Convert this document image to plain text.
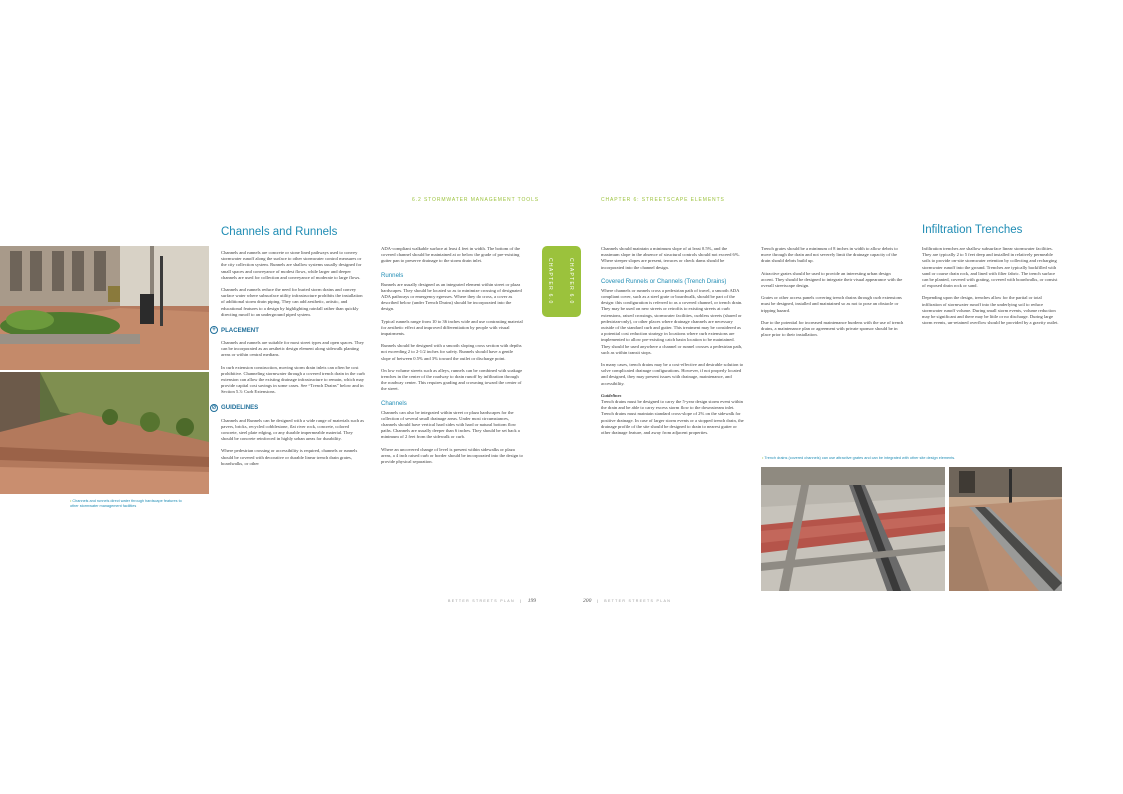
6.2 STORMWATER MANAGEMENT TOOLS	CHAPTER 6: STREETSCAPE ELEMENTS
Channels and Runnels
• Channels and runnels direct water through hardscape features to other stormwater management facilities

Channels and runnels are concrete or stone lined pathways used to convey stormwater runoff along the surface to other stormwater control measures or the city collection system. Runnels are shallow systems usually designed for small spaces and conveyance of modest flows, while larger and deeper channels are used for collection and conveyance of moderate to large flows.

Channels and runnels reduce the need for buried storm drains and convey surface water where subsurface utility infrastructure prohibits the installation of additional storm drain piping. They can add aesthetic, artistic, and educational features to a design by highlighting rainfall rather than quickly directing runoff to an underground piped system.

+ PLACEMENT

Channels and runnels are suitable for most street types and open spaces. They can be incorporated as an aesthetic design element along sidewalk planting areas or within central medians.

In curb extension construction, moving storm drain inlets can often be cost prohibitive. Channeling stormwater through a covered trench drain in the curb extension can allow the existing drainage infrastructure to remain, which may provide capital cost savings in some cases. See “Trench Drains” below and in Section 5.3: Curb Extensions.

⊘ GUIDELINES

Channels and Runnels can be designed with a wide range of materials such as pavers, bricks, recycled cobblestone, flat river rock, concrete, colored concrete, steel plate edging, or any durable impermeable material. They should be concrete reinforced in highly urban areas for durability.

Where pedestrian crossing or accessibility is required, channels or runnels should be covered with decorative or durable linear trench drain grates, boardwalks, or other

ADA-compliant walkable surface at least 4 feet in width. The bottom of the covered channel should be maintained at or below the grade of pre-existing gutter pan to preserve drainage to the storm drain inlet.

Runnels

Runnels are usually designed as an integrated element within street or plaza hardscapes. They should be located so as to minimize crossing of designated ADA pathways or emergency egresses. Where they do cross, a cover as described below (under Trench Drains) should be incorporated into the design.

Typical runnels range from 10 to 36 inches wide and use contrasting material for aesthetic effect and improved differentiation by people with visual impairments.

Runnels should be designed with a smooth sloping cross section with depths not exceeding 2 to 2-1/2 inches for safety. Runnels should have a gentle slope of between 0.5% and 3% toward the outlet or discharge point.

On low volume streets such as alleys, runnels can be combined with soakage trenches in the center of the roadway to drain runoff by infiltration through the roadway center. This requires grading and crowning toward the center of the street.

Channels

Channels can also be integrated within street or plaza hardscapes for the collection of several small drainage areas. Under most circumstances, channels should have vertical hard sides with hard or natural bottom flow paths. Channels are usually deeper than 6 inches. They should be set back a minimum of 2 feet from the sidewalk or curb.

Where an uncovered change of level is present within sidewalks or plaza areas, a 4 inch raised curb or border should be incorporated into the design to provide physical separation.

CHAPTER 6.0	CHAPTER 6.0

Channels should maintain a minimum slope of at least 0.5%, and the maximum slope in the absence of structural controls should not exceed 6%. Where steeper slopes are present, terraces or check dams should be incorporated into the channel design.

Covered Runnels or Channels (Trench Drains)

Where channels or runnels cross a pedestrian path of travel, a smooth ADA compliant cover, such as a steel grate or boardwalk, should be part of the design: this configuration is referred to as a covered channel, or trench drain. They may be used on new streets or retrofits to existing streets at curb extensions, raised crossings, stormwater facilities, curbless streets (shared or pedestrian-only), or other places where drainage channels are necessary outside of the standard curb and gutter. This treatment may be considered as a potential cost reduction strategy in locations where curb extensions are implemented to allow pre-existing catch basin location to be maintained. They should be used anywhere a channel or runnel crosses a pedestrian path, such as within transit stops.

In many cases, trench drains may be a cost-effective and desirable solution to solve complicated drainage configurations. However, if not properly located and designed, they may present issues with drainage, maintenance, and accessibility.

Guidelines

Trench drains must be designed to carry the 5-year design storm event within the drain and be able to carry excess storm flow to the downstream inlet. Trench drains must maintain standard cross-slope of 2% on the sidewalk for positive drainage. In case of larger storm events or a stopped trench drain, the drainage profile of the site should be designed to drain to nearest gutter or other drainage feature, and away from adjacent properties.

Trench grates should be a minimum of 8 inches in width to allow debris to move through the drain and not severely limit the drainage capacity of the drain should debris build up.

Attractive grates should be used to provide an interesting urban design accent. They should be designed to integrate their visual appearance with the overall streetscape design.

Grates or other access panels covering trench drains through curb extensions must be designed, installed and maintained so as not to pose an obstacle or tripping hazard.

Due to the potential for increased maintenance burdens with the use of trench drains, a maintenance plan or agreement with private sponsor should be in place prior to their installation.

Infiltration Trenches

Infiltration trenches are shallow subsurface linear stormwater facilities. They are typically 2 to 5 feet deep and installed in relatively permeable soils to provide on-site stormwater retention by collecting and recharging stormwater runoff into the ground. Trenches are typically backfilled with sand or coarse drain rock, and lined with filter fabric. The trench surface can be planted, covered with grating, covered with boardwalks, or consist of exposed drain rock or sand.

Depending upon the design, trenches allow for the partial or total infiltration of stormwater runoff into the underlying soil to reduce stormwater runoff volume. During small storm events, volume reduction may be significant and there may be little or no discharge. During large storm events, un-retained overflow should be provided by a gravity outlet.

• Trench drains (covered channels) can use attractive grates and can be integrated with other site design elements.
BETTER STREETS PLAN | 199	200 | BETTER STREETS PLAN
